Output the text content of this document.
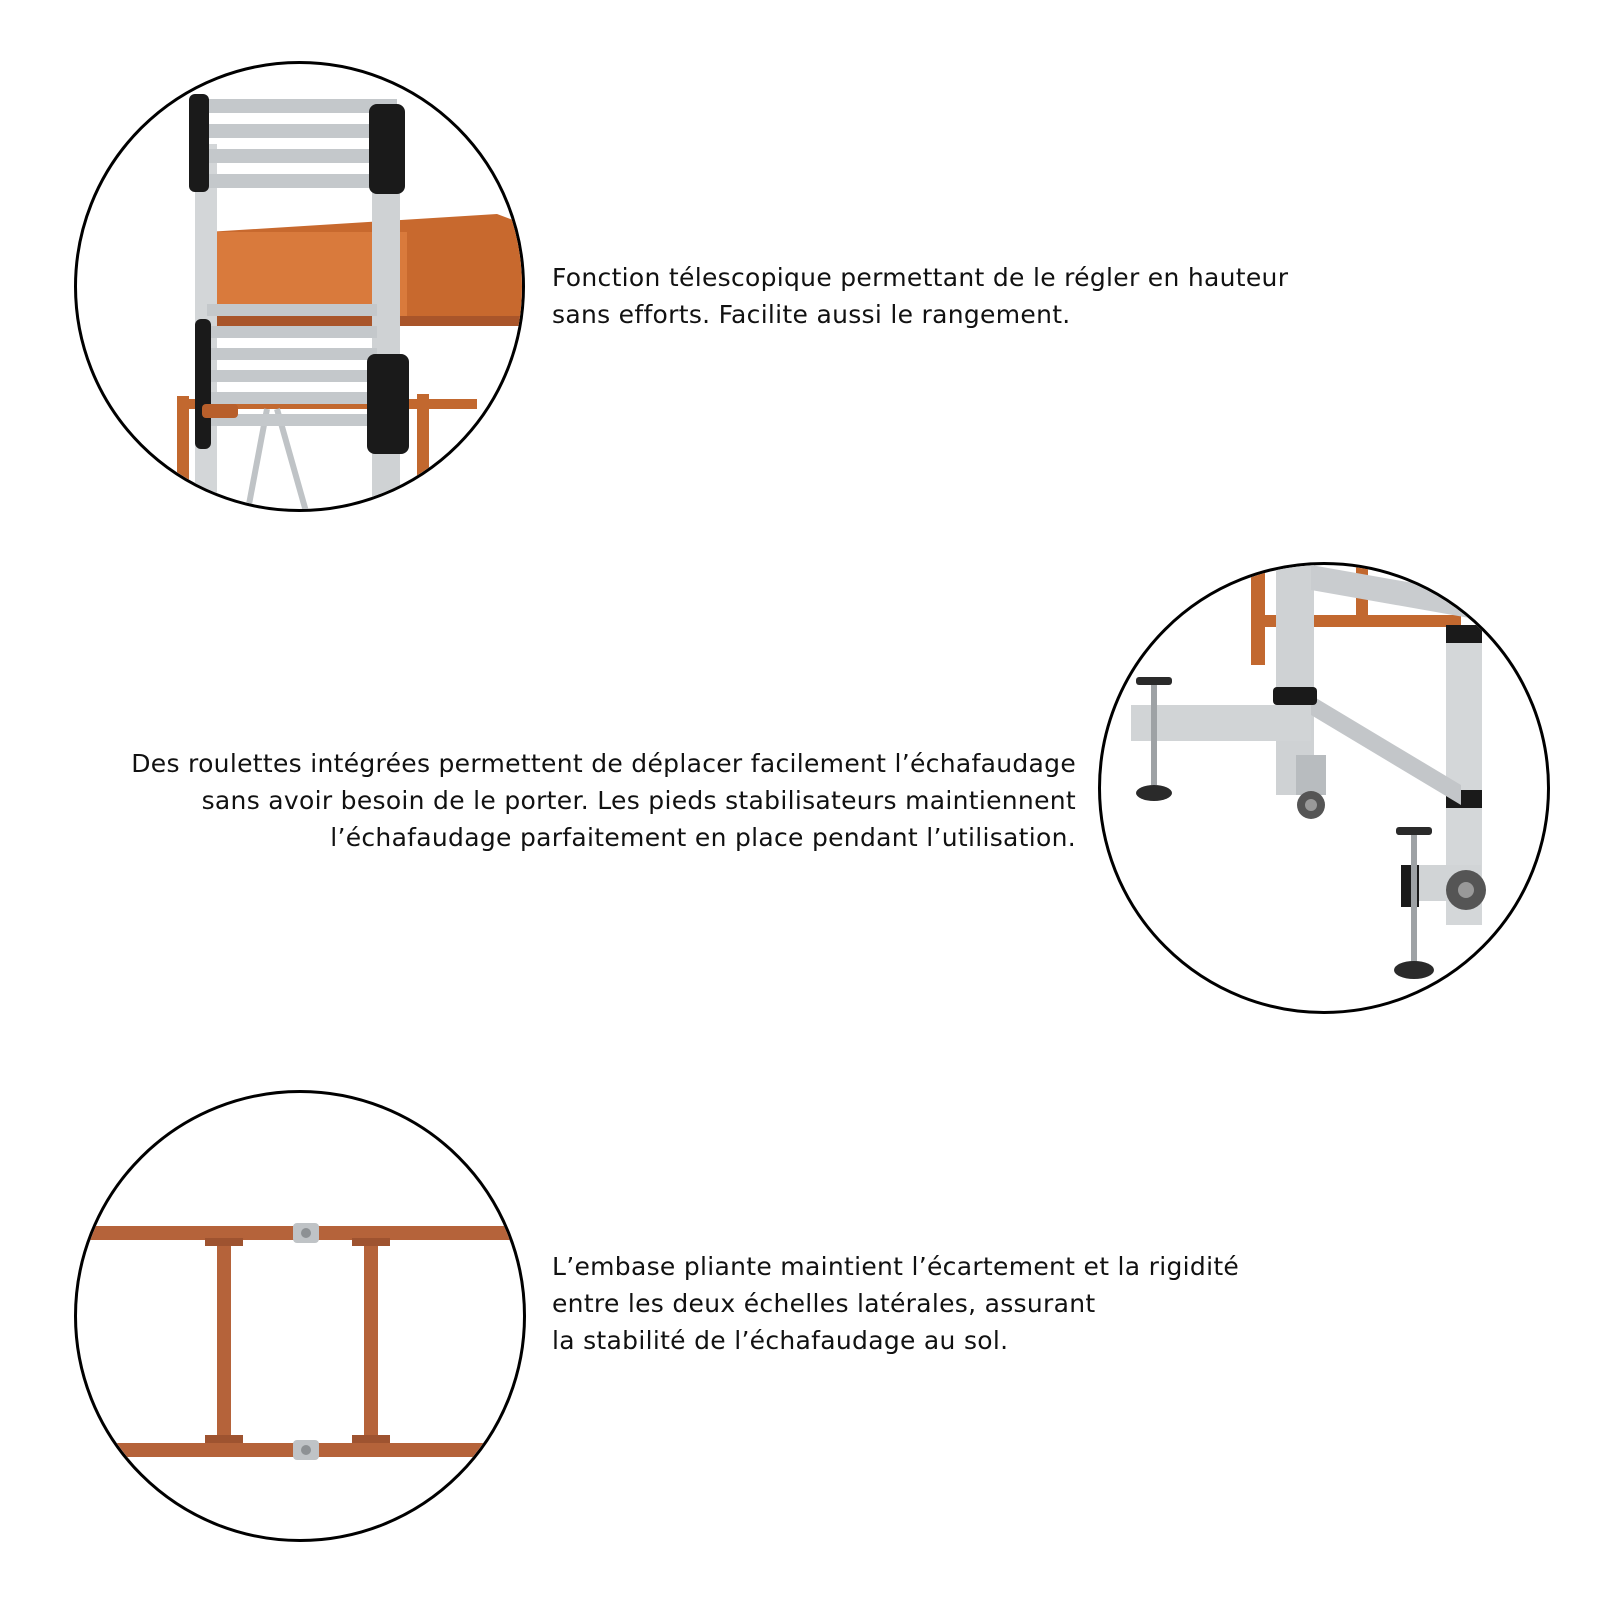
Fonction télescopique permettant de le régler en hauteur
sans efforts. Facilite aussi le rangement.
Des roulettes intégrées permettent de déplacer facilement l’échafaudage
sans avoir besoin de le porter. Les pieds stabilisateurs maintiennent
l’échafaudage parfaitement en place pendant l’utilisation.
L’embase pliante maintient l’écartement et la rigidité
entre les deux échelles latérales, assurant
la stabilité de l’échafaudage au sol.
